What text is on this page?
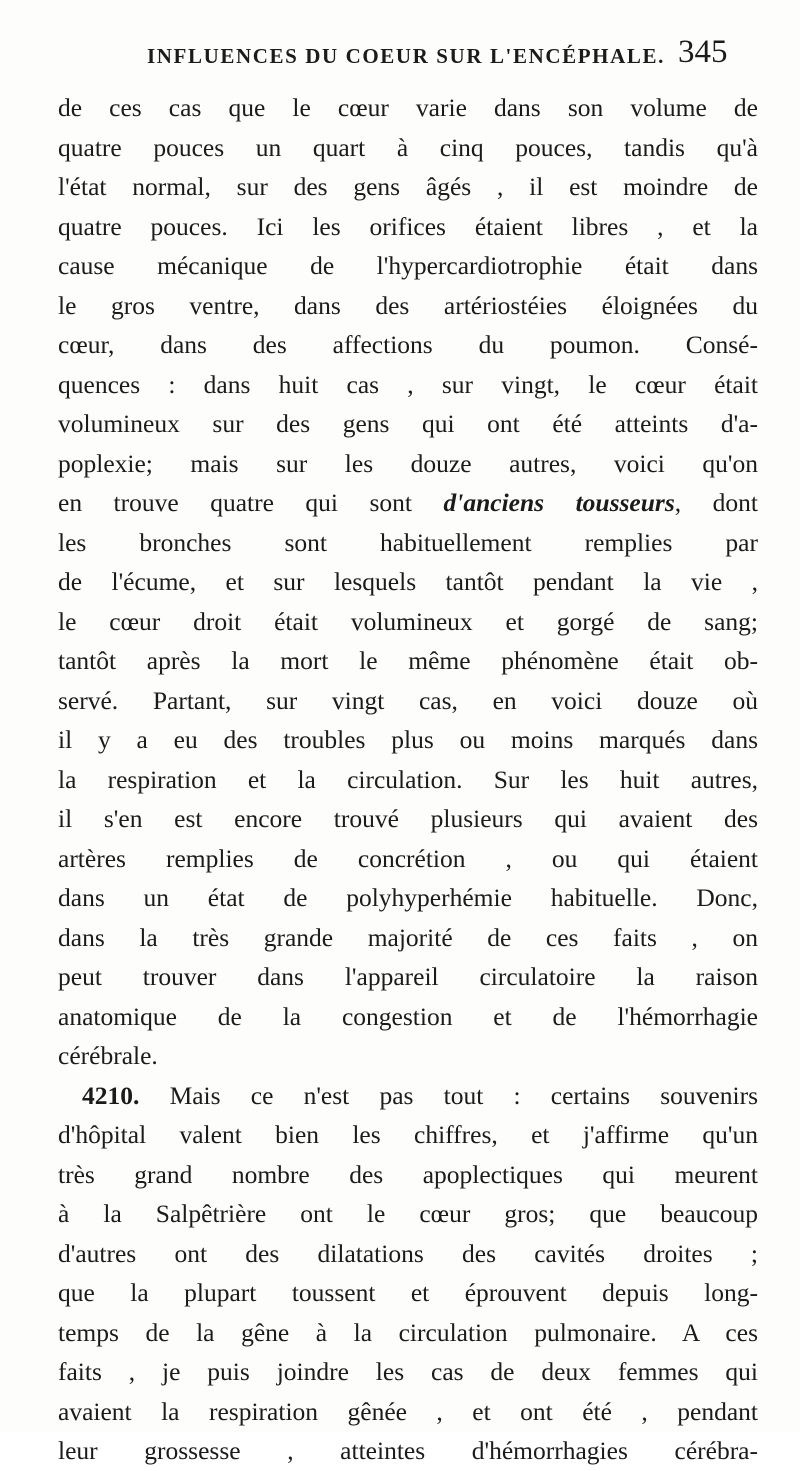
INFLUENCES DU COEUR SUR L'ENCÉPHALE. 345
de ces cas que le cœur varie dans son volume de
quatre pouces un quart à cinq pouces, tandis qu'à
l'état normal, sur des gens âgés , il est moindre de
quatre pouces. Ici les orifices étaient libres , et la
cause mécanique de l'hypercardiotrophie était dans
le gros ventre, dans des artériostéies éloignées du
cœur, dans des affections du poumon. Consé-
quences : dans huit cas , sur vingt, le cœur était
volumineux sur des gens qui ont été atteints d'a-
poplexie; mais sur les douze autres, voici qu'on
en trouve quatre qui sont d'anciens tousseurs, dont
les bronches sont habituellement remplies par
de l'écume, et sur lesquels tantôt pendant la vie ,
le cœur droit était volumineux et gorgé de sang;
tantôt après la mort le même phénomène était ob-
servé. Partant, sur vingt cas, en voici douze où
il y a eu des troubles plus ou moins marqués dans
la respiration et la circulation. Sur les huit autres,
il s'en est encore trouvé plusieurs qui avaient des
artères remplies de concrétion , ou qui étaient
dans un état de polyhyperhémie habituelle. Donc,
dans la très grande majorité de ces faits , on
peut trouver dans l'appareil circulatoire la raison
anatomique de la congestion et de l'hémorrhagie
cérébrale.
4210. Mais ce n'est pas tout : certains souvenirs
d'hôpital valent bien les chiffres, et j'affirme qu'un
très grand nombre des apoplectiques qui meurent
à la Salpêtrière ont le cœur gros; que beaucoup
d'autres ont des dilatations des cavités droites ;
que la plupart toussent et éprouvent depuis long-
temps de la gêne à la circulation pulmonaire. A ces
faits , je puis joindre les cas de deux femmes qui
avaient la respiration gênée , et ont été , pendant
leur grossesse , atteintes d'hémorrhagies cérébra-
